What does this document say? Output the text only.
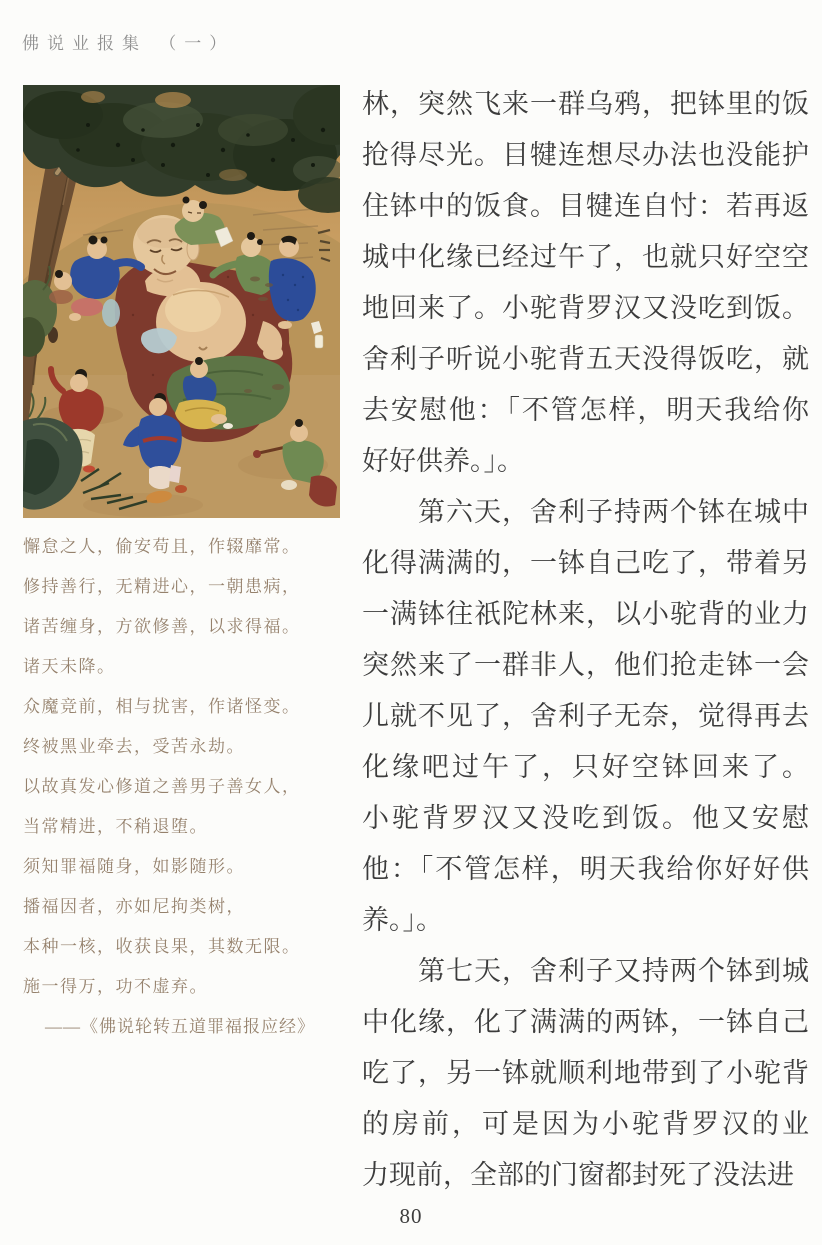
佛说业报集 （一）
懈怠之人，偷安苟且，作辍靡常。
修持善行，无精进心，一朝患病，
诸苦缠身，方欲修善，以求得福。
诸天未降。
众魔竞前，相与扰害，作诸怪变。
终被黑业牵去，受苦永劫。
以故真发心修道之善男子善女人，
当常精进，不稍退堕。
须知罪福随身，如影随形。
播福因者，亦如尼拘类树，
本种一核，收获良果，其数无限。
施一得万，功不虚弃。
——《佛说轮转五道罪福报应经》
林，突然飞来一群乌鸦，把钵里的饭
抢得尽光。目犍连想尽办法也没能护
住钵中的饭食。目犍连自忖：若再返
城中化缘已经过午了，也就只好空空
地回来了。小驼背罗汉又没吃到饭。
舍利子听说小驼背五天没得饭吃，就
去安慰他：「不管怎样，明天我给你
好好供养。」。
　　第六天，舍利子持两个钵在城中
化得满满的，一钵自己吃了，带着另
一满钵往祇陀林来，以小驼背的业力
突然来了一群非人，他们抢走钵一会
儿就不见了，舍利子无奈，觉得再去
化缘吧过午了，只好空钵回来了。
小驼背罗汉又没吃到饭。他又安慰
他：「不管怎样，明天我给你好好供
养。」。
　　第七天，舍利子又持两个钵到城
中化缘，化了满满的两钵，一钵自己
吃了，另一钵就顺利地带到了小驼背
的房前，可是因为小驼背罗汉的业
力现前，全部的门窗都封死了没法进
80
